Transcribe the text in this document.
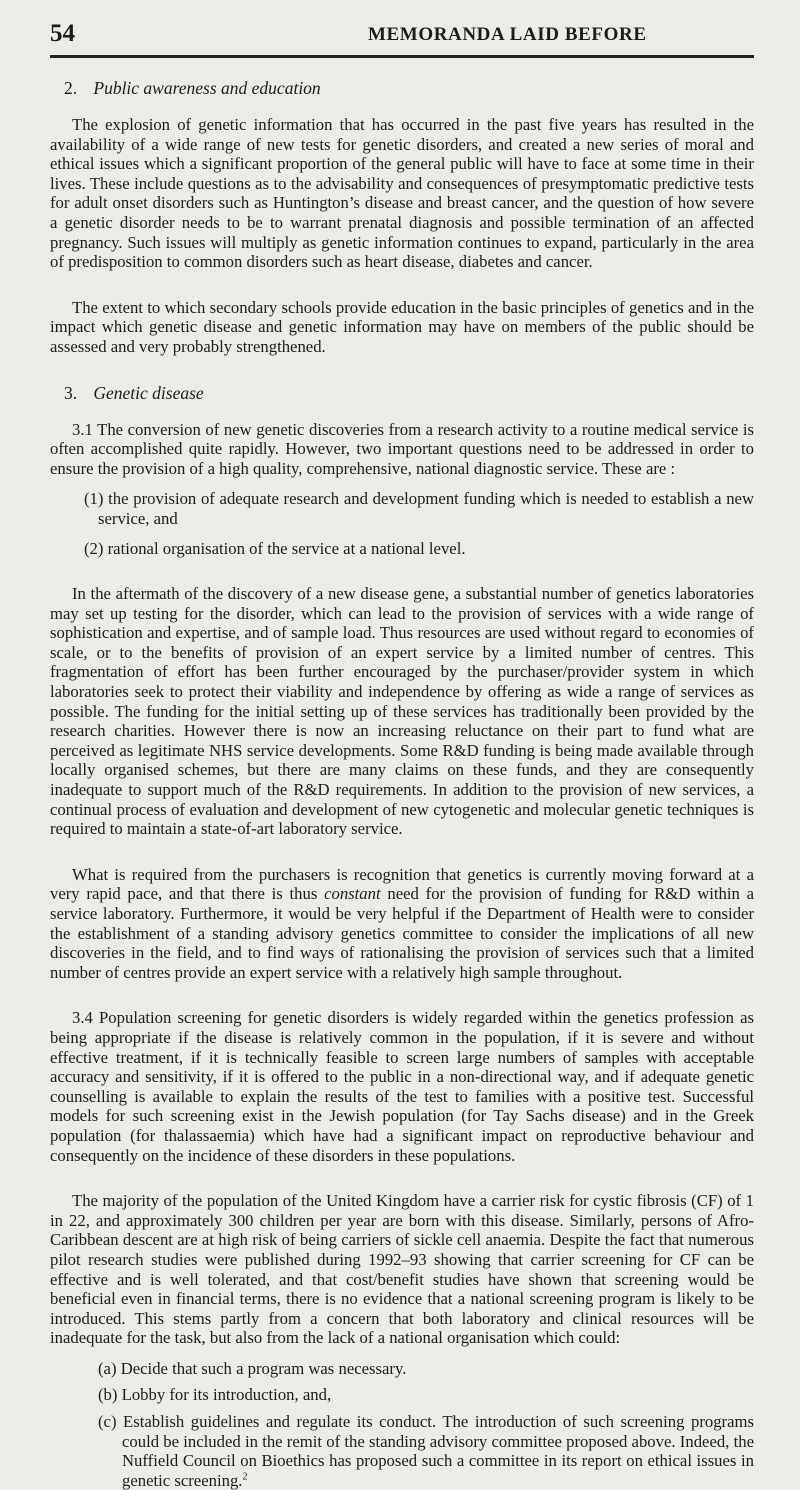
54	MEMORANDA LAID BEFORE
2. Public awareness and education

The explosion of genetic information that has occurred in the past five years has resulted in the availability of a wide range of new tests for genetic disorders, and created a new series of moral and ethical issues which a significant proportion of the general public will have to face at some time in their lives. These include questions as to the advisability and consequences of presymptomatic predictive tests for adult onset disorders such as Huntington’s disease and breast cancer, and the question of how severe a genetic disorder needs to be to warrant prenatal diagnosis and possible termination of an affected pregnancy. Such issues will multiply as genetic information continues to expand, particularly in the area of predisposition to common disorders such as heart disease, diabetes and cancer.

The extent to which secondary schools provide education in the basic principles of genetics and in the impact which genetic disease and genetic information may have on members of the public should be assessed and very probably strengthened.

3. Genetic disease

3.1 The conversion of new genetic discoveries from a research activity to a routine medical service is often accomplished quite rapidly. However, two important questions need to be addressed in order to ensure the provision of a high quality, comprehensive, national diagnostic service. These are :

(1) the provision of adequate research and development funding which is needed to establish a new service, and
(2) rational organisation of the service at a national level.

In the aftermath of the discovery of a new disease gene, a substantial number of genetics laboratories may set up testing for the disorder, which can lead to the provision of services with a wide range of sophistication and expertise, and of sample load. Thus resources are used without regard to economies of scale, or to the benefits of provision of an expert service by a limited number of centres. This fragmentation of effort has been further encouraged by the purchaser/provider system in which laboratories seek to protect their viability and independence by offering as wide a range of services as possible. The funding for the initial setting up of these services has traditionally been provided by the research charities. However there is now an increasing reluctance on their part to fund what are perceived as legitimate NHS service developments. Some R&D funding is being made available through locally organised schemes, but there are many claims on these funds, and they are consequently inadequate to support much of the R&D requirements. In addition to the provision of new services, a continual process of evaluation and development of new cytogenetic and molecular genetic techniques is required to maintain a state-of-art laboratory service.

What is required from the purchasers is recognition that genetics is currently moving forward at a very rapid pace, and that there is thus constant need for the provision of funding for R&D within a service laboratory. Furthermore, it would be very helpful if the Department of Health were to consider the establishment of a standing advisory genetics committee to consider the implications of all new discoveries in the field, and to find ways of rationalising the provision of services such that a limited number of centres provide an expert service with a relatively high sample throughout.

3.4 Population screening for genetic disorders is widely regarded within the genetics profession as being appropriate if the disease is relatively common in the population, if it is severe and without effective treatment, if it is technically feasible to screen large numbers of samples with acceptable accuracy and sensitivity, if it is offered to the public in a non-directional way, and if adequate genetic counselling is available to explain the results of the test to families with a positive test. Successful models for such screening exist in the Jewish population (for Tay Sachs disease) and in the Greek population (for thalassaemia) which have had a significant impact on reproductive behaviour and consequently on the incidence of these disorders in these populations.

The majority of the population of the United Kingdom have a carrier risk for cystic fibrosis (CF) of 1 in 22, and approximately 300 children per year are born with this disease. Similarly, persons of Afro-Caribbean descent are at high risk of being carriers of sickle cell anaemia. Despite the fact that numerous pilot research studies were published during 1992–93 showing that carrier screening for CF can be effective and is well tolerated, and that cost/benefit studies have shown that screening would be beneficial even in financial terms, there is no evidence that a national screening program is likely to be introduced. This stems partly from a concern that both laboratory and clinical resources will be inadequate for the task, but also from the lack of a national organisation which could:

(a) Decide that such a program was necessary.
(b) Lobby for its introduction, and,
(c) Establish guidelines and regulate its conduct. The introduction of such screening programs could be included in the remit of the standing advisory committee proposed above. Indeed, the Nuffield Council on Bioethics has proposed such a committee in its report on ethical issues in genetic screening.$^2$
